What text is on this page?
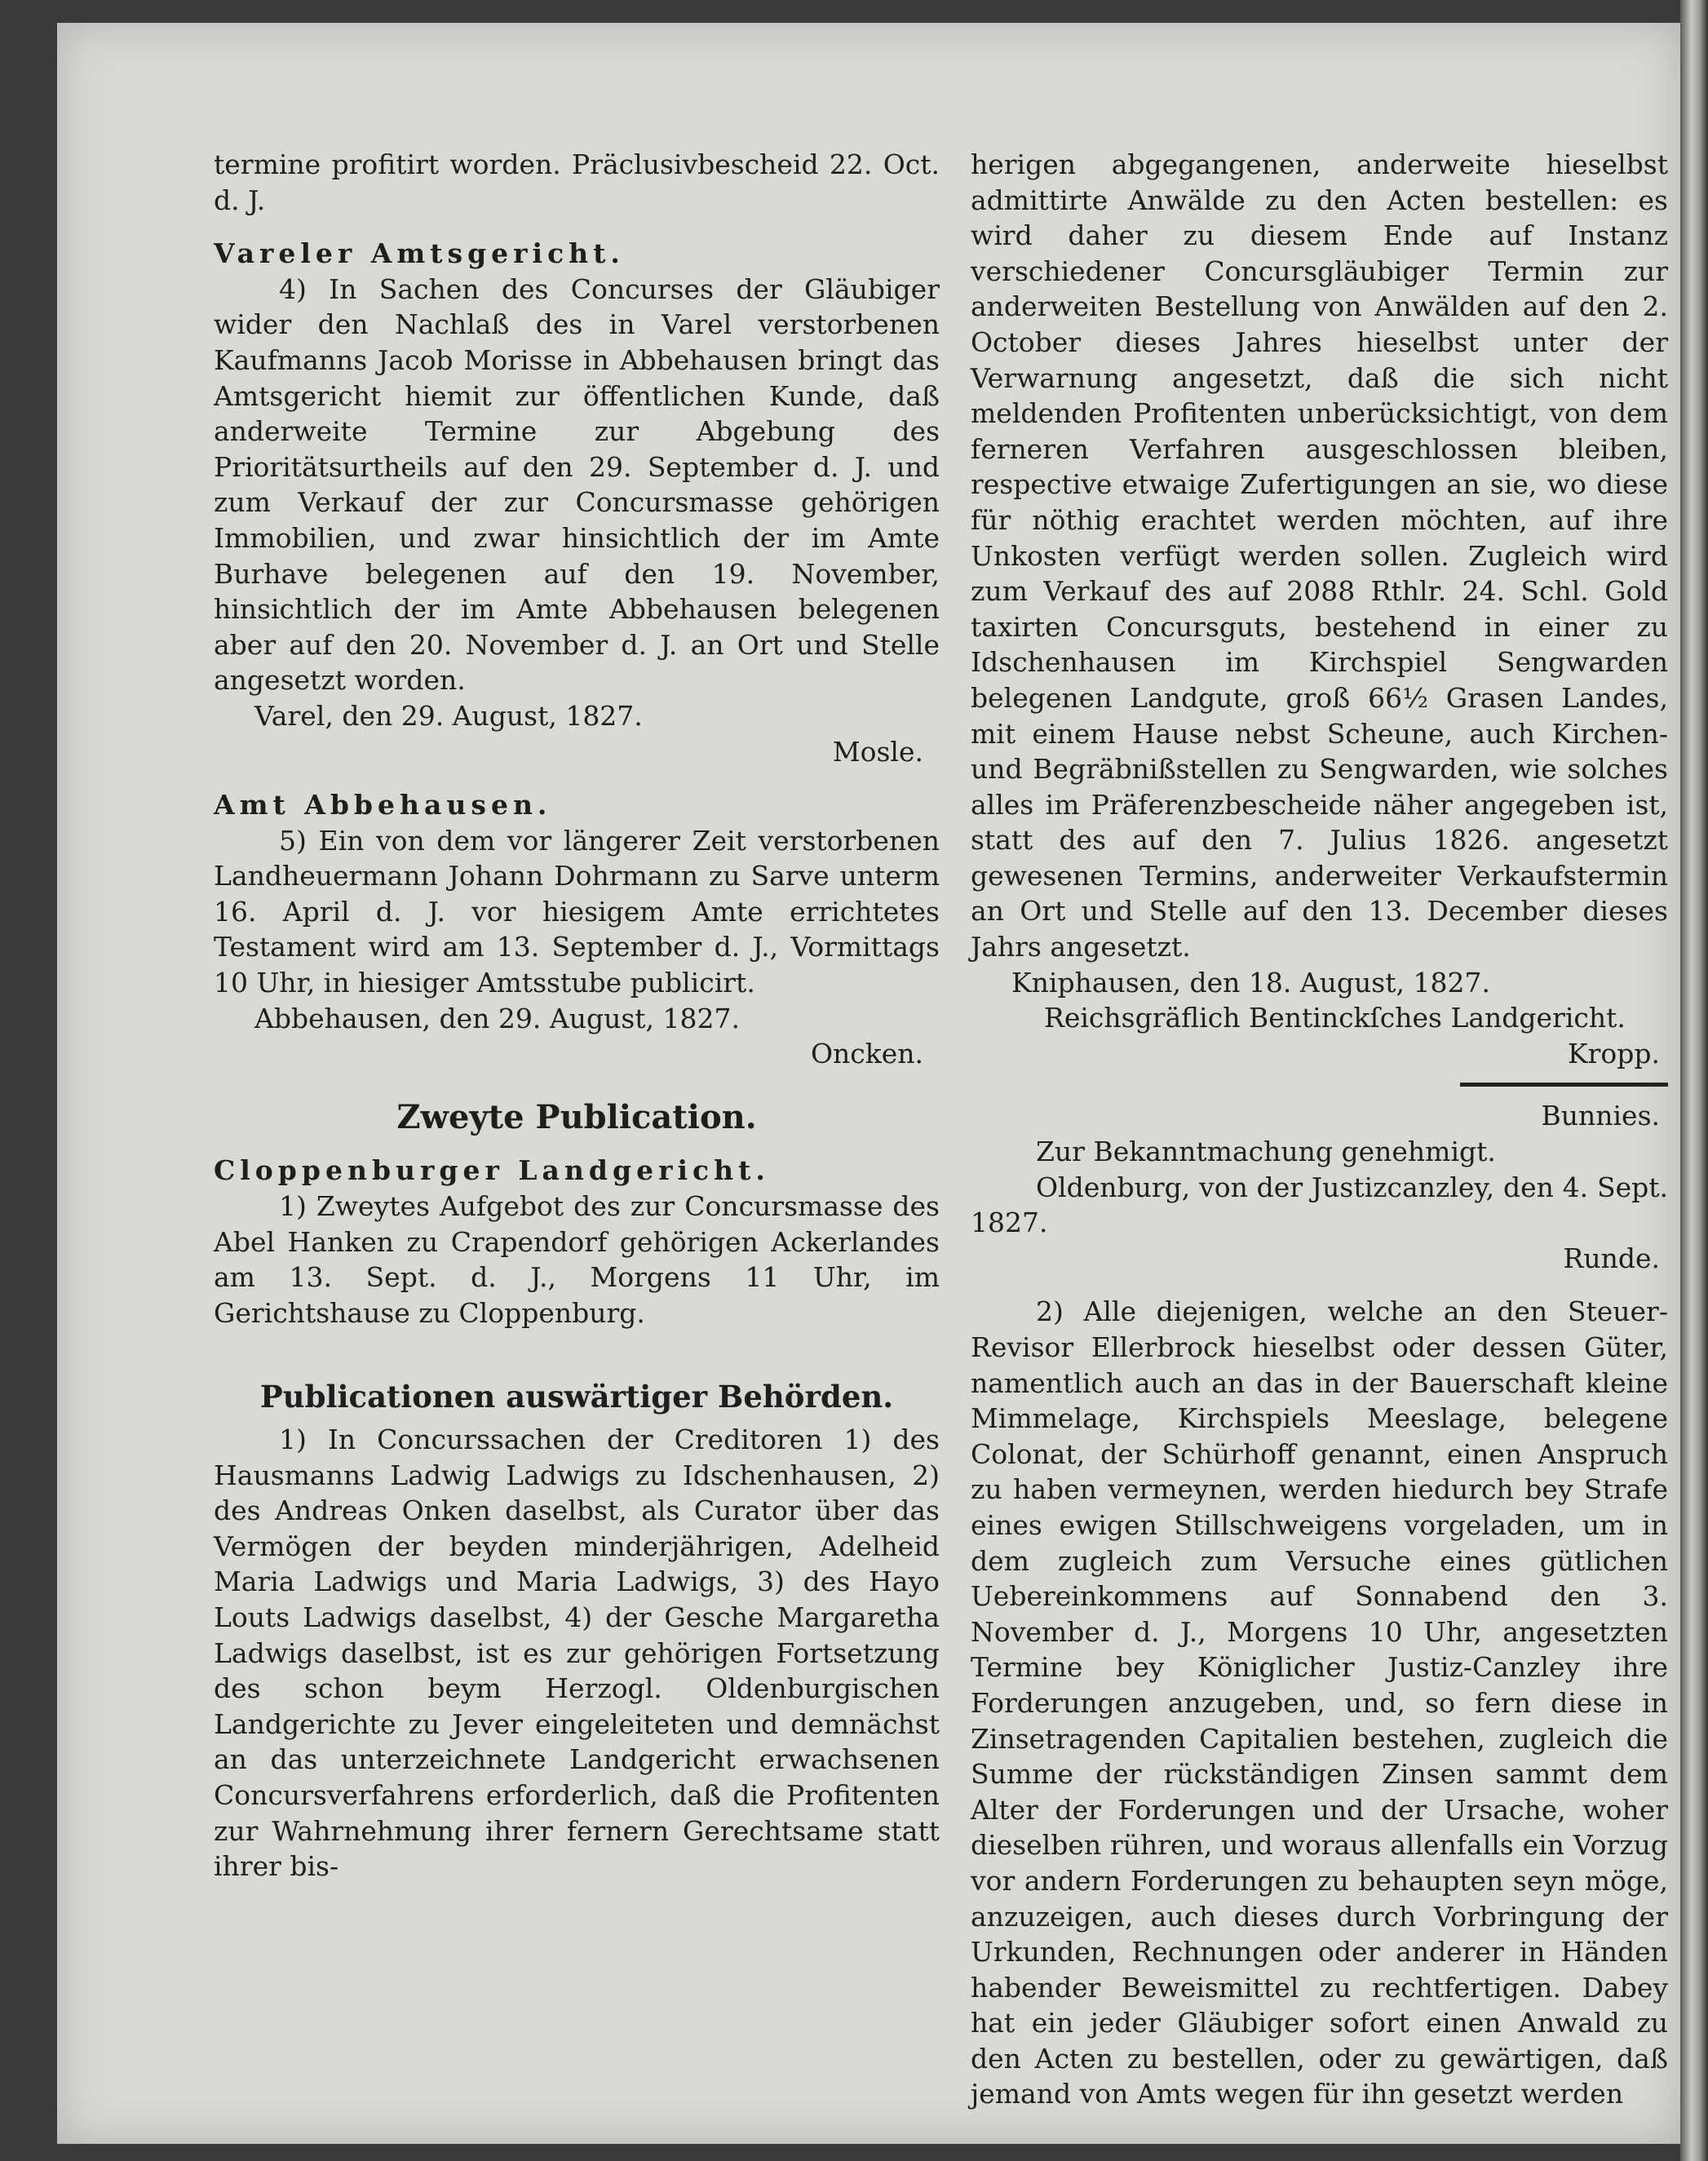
termine profitirt worden. Präclusivbescheid 22. Oct. d. J.

Vareler Amtsgericht.

4) In Sachen des Concurses der Gläubiger wider den Nachlaß des in Varel verstorbenen Kaufmanns Jacob Morisse in Abbehausen bringt das Amtsgericht hiemit zur öffentlichen Kunde, daß anderweite Termine zur Abgebung des Prioritätsurtheils auf den 29. September d. J. und zum Verkauf der zur Concursmasse gehörigen Immobilien, und zwar hinsichtlich der im Amte Burhave belegenen auf den 19. November, hinsichtlich der im Amte Abbehausen belegenen aber auf den 20. November d. J. an Ort und Stelle angesetzt worden.

Varel, den 29. August, 1827.

Mosle.

Amt Abbehausen.

5) Ein von dem vor längerer Zeit verstorbenen Landheuermann Johann Dohrmann zu Sarve unterm 16. April d. J. vor hiesigem Amte errichtetes Testament wird am 13. September d. J., Vormittags 10 Uhr, in hiesiger Amtsstube publicirt.

Abbehausen, den 29. August, 1827.

Oncken.

Zweyte Publication.

Cloppenburger Landgericht.

1) Zweytes Aufgebot des zur Concursmasse des Abel Hanken zu Crapendorf gehörigen Ackerlandes am 13. Sept. d. J., Morgens 11 Uhr, im Gerichtshause zu Cloppenburg.

Publicationen auswärtiger Behörden.

1) In Concurssachen der Creditoren 1) des Hausmanns Ladwig Ladwigs zu Idschenhausen, 2) des Andreas Onken daselbst, als Curator über das Vermögen der beyden minderjährigen, Adelheid Maria Ladwigs und Maria Ladwigs, 3) des Hayo Louts Ladwigs daselbst, 4) der Gesche Margaretha Ladwigs daselbst, ist es zur gehörigen Fortsetzung des schon beym Herzogl. Oldenburgischen Landgerichte zu Jever eingeleiteten und demnächst an das unterzeichnete Landgericht erwachsenen Concursverfahrens erforderlich, daß die Profitenten zur Wahrnehmung ihrer fernern Gerechtsame statt ihrer bis-

herigen abgegangenen, anderweite hieselbst admittirte Anwälde zu den Acten bestellen: es wird daher zu diesem Ende auf Instanz verschiedener Concursgläubiger Termin zur anderweiten Bestellung von Anwälden auf den 2. October dieses Jahres hieselbst unter der Verwarnung angesetzt, daß die sich nicht meldenden Profitenten unberücksichtigt, von dem ferneren Verfahren ausgeschlossen bleiben, respective etwaige Zufertigungen an sie, wo diese für nöthig erachtet werden möchten, auf ihre Unkosten verfügt werden sollen. Zugleich wird zum Verkauf des auf 2088 Rthlr. 24. Schl. Gold taxirten Concursguts, bestehend in einer zu Idschenhausen im Kirchspiel Sengwarden belegenen Landgute, groß 66½ Grasen Landes, mit einem Hause nebst Scheune, auch Kirchen- und Begräbnißstellen zu Sengwarden, wie solches alles im Präferenzbescheide näher angegeben ist, statt des auf den 7. Julius 1826. angesetzt gewesenen Termins, anderweiter Verkaufstermin an Ort und Stelle auf den 13. December dieses Jahrs angesetzt.

Kniphausen, den 18. August, 1827.

Reichsgräflich Bentinckſches Landgericht.

Kropp.

Bunnies.

Zur Bekanntmachung genehmigt.

Oldenburg, von der Justizcanzley, den 4. Sept. 1827.

Runde.

2) Alle diejenigen, welche an den Steuer-Revisor Ellerbrock hieselbst oder dessen Güter, namentlich auch an das in der Bauerschaft kleine Mimmelage, Kirchspiels Meeslage, belegene Colonat, der Schürhoff genannt, einen Anspruch zu haben vermeynen, werden hiedurch bey Strafe eines ewigen Stillschweigens vorgeladen, um in dem zugleich zum Versuche eines gütlichen Uebereinkommens auf Sonnabend den 3. November d. J., Morgens 10 Uhr, angesetzten Termine bey Königlicher Justiz-Canzley ihre Forderungen anzugeben, und, so fern diese in Zinsetragenden Capitalien bestehen, zugleich die Summe der rückständigen Zinsen sammt dem Alter der Forderungen und der Ursache, woher dieselben rühren, und woraus allenfalls ein Vorzug vor andern Forderungen zu behaupten seyn möge, anzuzeigen, auch dieses durch Vorbringung der Urkunden, Rechnungen oder anderer in Händen habender Beweismittel zu rechtfertigen. Dabey hat ein jeder Gläubiger sofort einen Anwald zu den Acten zu bestellen, oder zu gewärtigen, daß jemand von Amts wegen für ihn gesetzt werden
